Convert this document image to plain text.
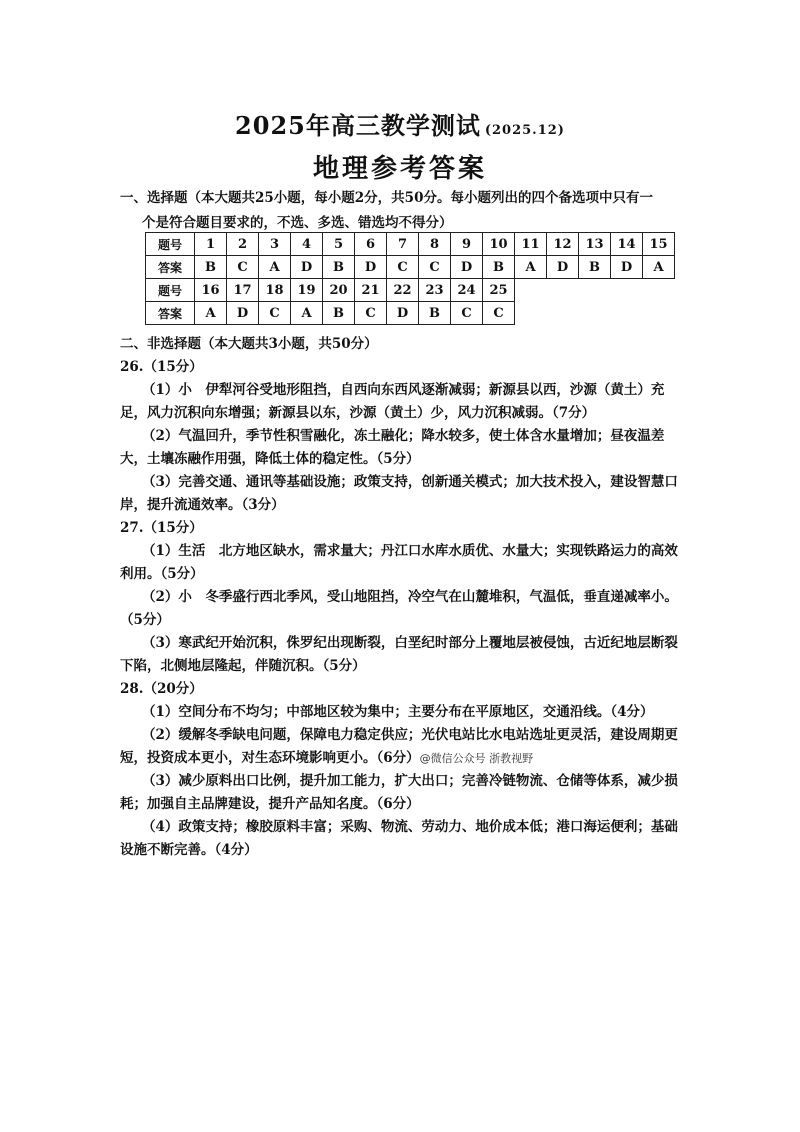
2025年高三教学测试 (2025.12)
地理参考答案
一、选择题（本大题共25小题，每小题2分，共50分。每小题列出的四个备选项中只有一
个是符合题目要求的，不选、多选、错选均不得分）
题号	1	2	3	4	5	6	7	8	9	10	11	12	13	14	15
答案	B	C	A	D	B	D	C	C	D	B	A	D	B	D	A
题号	16	17	18	19	20	21	22	23	24	25
答案	A	D	C	A	B	C	D	B	C	C
二、非选择题（本大题共3小题，共50分）

26.（15分）

（1）小　伊犁河谷受地形阻挡，自西向东西风逐渐减弱；新源县以西，沙源（黄土）充足，风力沉积向东增强；新源县以东，沙源（黄土）少，风力沉积减弱。（7分）

（2）气温回升，季节性积雪融化，冻土融化；降水较多，使土体含水量增加；昼夜温差大，土壤冻融作用强，降低土体的稳定性。（5分）

（3）完善交通、通讯等基础设施；政策支持，创新通关模式；加大技术投入，建设智慧口岸，提升流通效率。（3分）

27.（15分）

（1）生活　北方地区缺水，需求量大；丹江口水库水质优、水量大；实现铁路运力的高效利用。（5分）

（2）小　冬季盛行西北季风，受山地阻挡，冷空气在山麓堆积，气温低，垂直递减率小。（5分）

（3）寒武纪开始沉积，侏罗纪出现断裂，白垩纪时部分上覆地层被侵蚀，古近纪地层断裂下陷，北侧地层隆起，伴随沉积。（5分）

28.（20分）

（1）空间分布不均匀；中部地区较为集中；主要分布在平原地区，交通沿线。（4分）

（2）缓解冬季缺电问题，保障电力稳定供应；光伏电站比水电站选址更灵活，建设周期更短，投资成本更小，对生态环境影响更小。（6分）@微信公众号 浙教视野

（3）减少原料出口比例，提升加工能力，扩大出口；完善冷链物流、仓储等体系，减少损耗；加强自主品牌建设，提升产品知名度。（6分）

（4）政策支持；橡胶原料丰富；采购、物流、劳动力、地价成本低；港口海运便利；基础设施不断完善。（4分）
